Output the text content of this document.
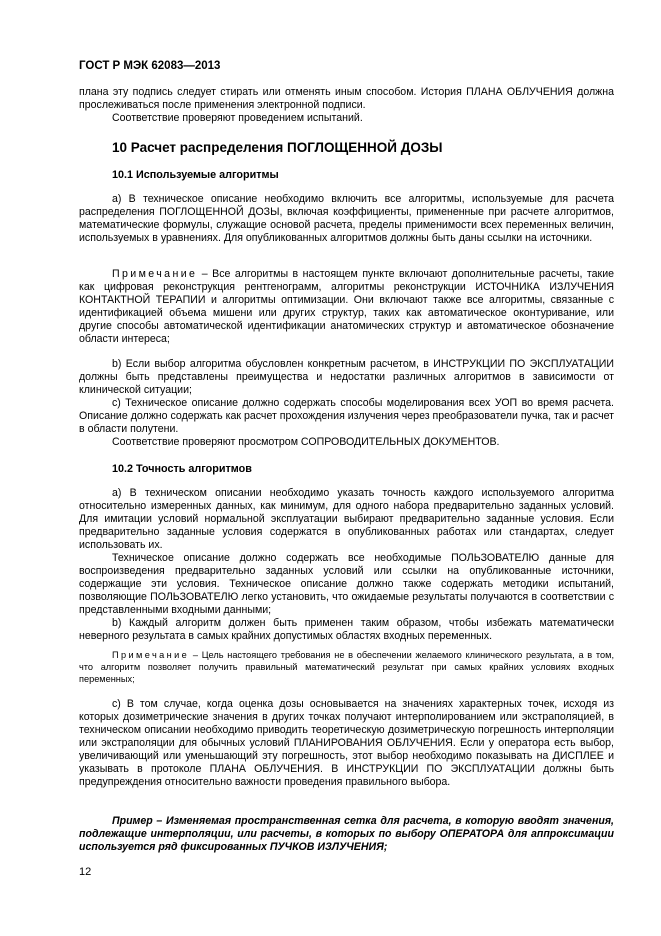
ГОСТ Р МЭК 62083—2013

плана эту подпись следует стирать или отменять иным способом. История ПЛАНА ОБЛУЧЕНИЯ должна прослеживаться после применения электронной подписи.

Соответствие проверяют проведением испытаний.

10 Расчет распределения ПОГЛОЩЕННОЙ ДОЗЫ

10.1 Используемые алгоритмы

а) В техническое описание необходимо включить все алгоритмы, используемые для расчета распределения ПОГЛОЩЕННОЙ ДОЗЫ, включая коэффициенты, примененные при расчете алгоритмов, математические формулы, служащие основой расчета, пределы применимости всех переменных величин, используемых в уравнениях. Для опубликованных алгоритмов должны быть даны ссылки на источники.

Примечание – Все алгоритмы в настоящем пункте включают дополнительные расчеты, такие как цифровая реконструкция рентгенограмм, алгоритмы реконструкции ИСТОЧНИКА ИЗЛУЧЕНИЯ КОНТАКТНОЙ ТЕРАПИИ и алгоритмы оптимизации. Они включают также все алгоритмы, связанные с идентификацией объема мишени или других структур, таких как автоматическое оконтуривание, или другие способы автоматической идентификации анатомических структур и автоматическое обозначение области интереса;

b) Если выбор алгоритма обусловлен конкретным расчетом, в ИНСТРУКЦИИ ПО ЭКСПЛУАТАЦИИ должны быть представлены преимущества и недостатки различных алгоритмов в зависимости от клинической ситуации;

с) Техническое описание должно содержать способы моделирования всех УОП во время расчета. Описание должно содержать как расчет прохождения излучения через преобразователи пучка, так и расчет в области полутени.

Соответствие проверяют просмотром СОПРОВОДИТЕЛЬНЫХ ДОКУМЕНТОВ.

10.2 Точность алгоритмов

а) В техническом описании необходимо указать точность каждого используемого алгоритма относительно измеренных данных, как минимум, для одного набора предварительно заданных условий. Для имитации условий нормальной эксплуатации выбирают предварительно заданные условия. Если предварительно заданные условия содержатся в опубликованных работах или стандартах, следует использовать их.

Техническое описание должно содержать все необходимые ПОЛЬЗОВАТЕЛЮ данные для воспроизведения предварительно заданных условий или ссылки на опубликованные источники, содержащие эти условия. Техническое описание должно также содержать методики испытаний, позволяющие ПОЛЬЗОВАТЕЛЮ легко установить, что ожидаемые результаты получаются в соответствии с представленными входными данными;

b) Каждый алгоритм должен быть применен таким образом, чтобы избежать математически неверного результата в самых крайних допустимых областях входных переменных.

Примечание – Цель настоящего требования не в обеспечении желаемого клинического результата, а в том, что алгоритм позволяет получить правильный математический результат при самых крайних условиях входных переменных;

с) В том случае, когда оценка дозы основывается на значениях характерных точек, исходя из которых дозиметрические значения в других точках получают интерполированием или экстраполяцией, в техническом описании необходимо приводить теоретическую дозиметрическую погрешность интерполяции или экстраполяции для обычных условий ПЛАНИРОВАНИЯ ОБЛУЧЕНИЯ. Если у оператора есть выбор, увеличивающий или уменьшающий эту погрешность, этот выбор необходимо показывать на ДИСПЛЕЕ и указывать в протоколе ПЛАНА ОБЛУЧЕНИЯ. В ИНСТРУКЦИИ ПО ЭКСПЛУАТАЦИИ должны быть предупреждения относительно важности проведения правильного выбора.

Пример – Изменяемая пространственная сетка для расчета, в которую вводят значения, подлежащие интерполяции, или расчеты, в которых по выбору ОПЕРАТОРА для аппроксимации используется ряд фиксированных ПУЧКОВ ИЗЛУЧЕНИЯ;

12
